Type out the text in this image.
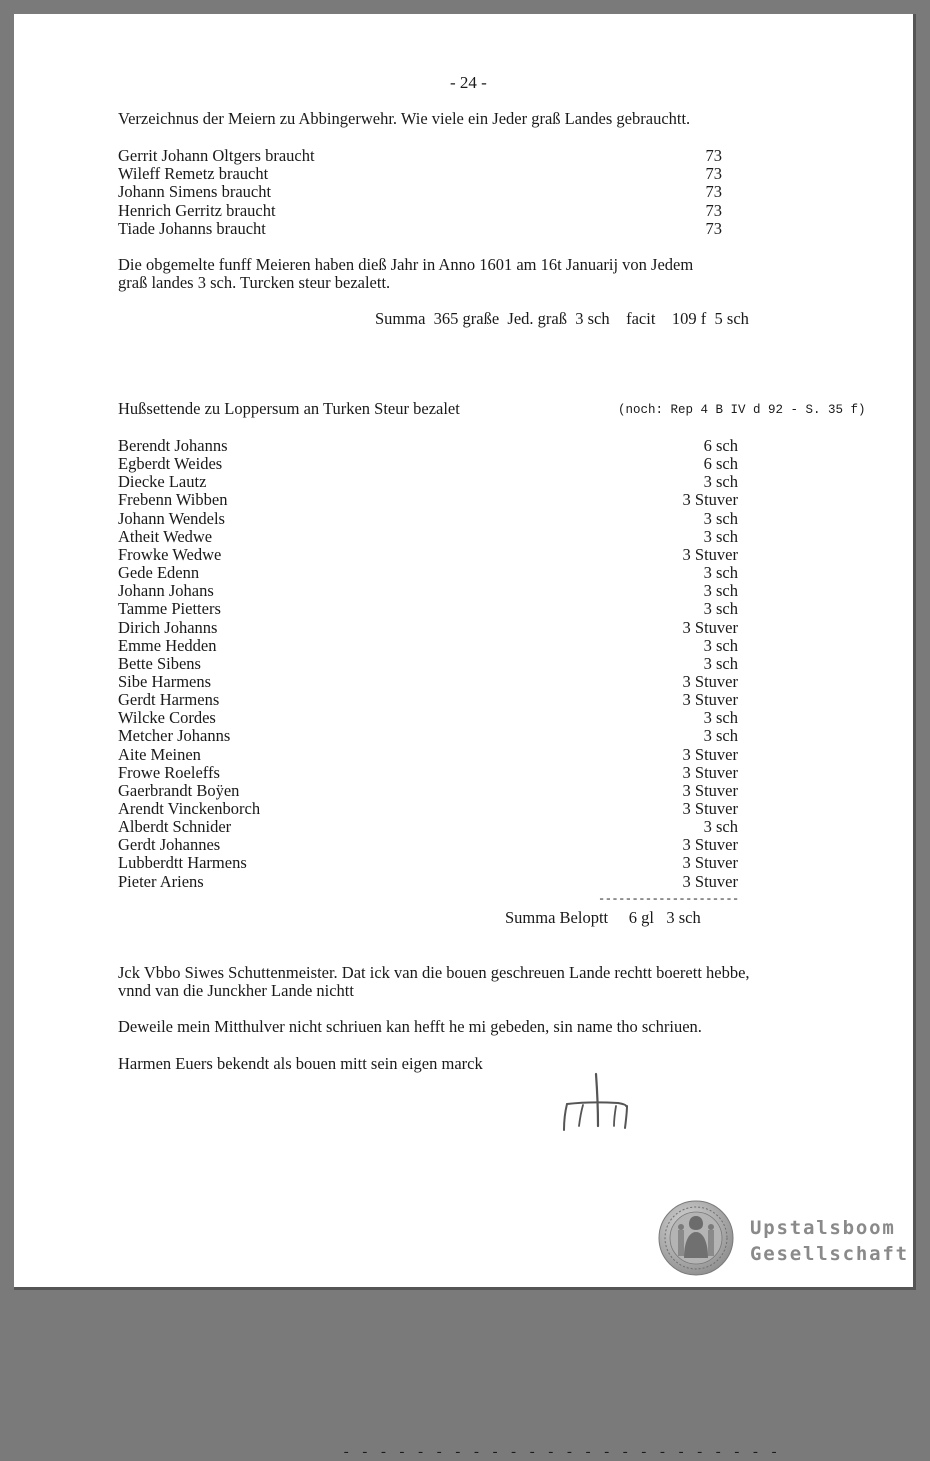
- 24 -
Verzeichnus der Meiern zu Abbingerwehr. Wie viele ein Jeder graß Landes gebrauchtt.
Gerrit Johann Oltgers braucht	73
Wileff Remetz braucht	73
Johann Simens braucht	73
Henrich Gerritz braucht	73
Tiade Johanns braucht	73
Die obgemelte funff Meieren haben dieß Jahr in Anno 1601 am 16t Januarij von Jedem
graß landes 3 sch. Turcken steur bezalett.
Summa  365 graße  Jed. graß  3 sch    facit    109 f  5 sch
Hußsettende zu Loppersum an Turken Steur bezalet	(noch: Rep 4 B IV d 92 - S. 35 f)
Berendt Johanns	6 sch
Egberdt Weides	6 sch
Diecke Lautz	3 sch
Frebenn Wibben	3 Stuver
Johann Wendels	3 sch
Atheit Wedwe	3 sch
Frowke Wedwe	3 Stuver
Gede Edenn	3 sch
Johann Johans	3 sch
Tamme Pietters	3 sch
Dirich Johanns	3 Stuver
Emme Hedden	3 sch
Bette Sibens	3 sch
Sibe Harmens	3 Stuver
Gerdt Harmens	3 Stuver
Wilcke Cordes	3 sch
Metcher Johanns	3 sch
Aite Meinen	3 Stuver
Frowe Roeleffs	3 Stuver
Gaerbrandt Boÿen	3 Stuver
Arendt Vinckenborch	3 Stuver
Alberdt Schnider	3 sch
Gerdt Johannes	3 Stuver
Lubberdtt Harmens	3 Stuver
Pieter Ariens	3 Stuver
---------------------
Summa Beloptt     6 gl   3 sch
Jck Vbbo Siwes Schuttenmeister. Dat ick van die bouen geschreuen Lande rechtt boerett hebbe,
vnnd van die Junckher Lande nichtt
Deweile mein Mitthulver nicht schriuen kan hefft he mi gebeden, sin name tho schriuen.
Harmen Euers bekendt als bouen mitt sein eigen marck
- - - - - - - - - - - - - - - - - - - - - - - -
Upstalsboom
Gesellschaft
